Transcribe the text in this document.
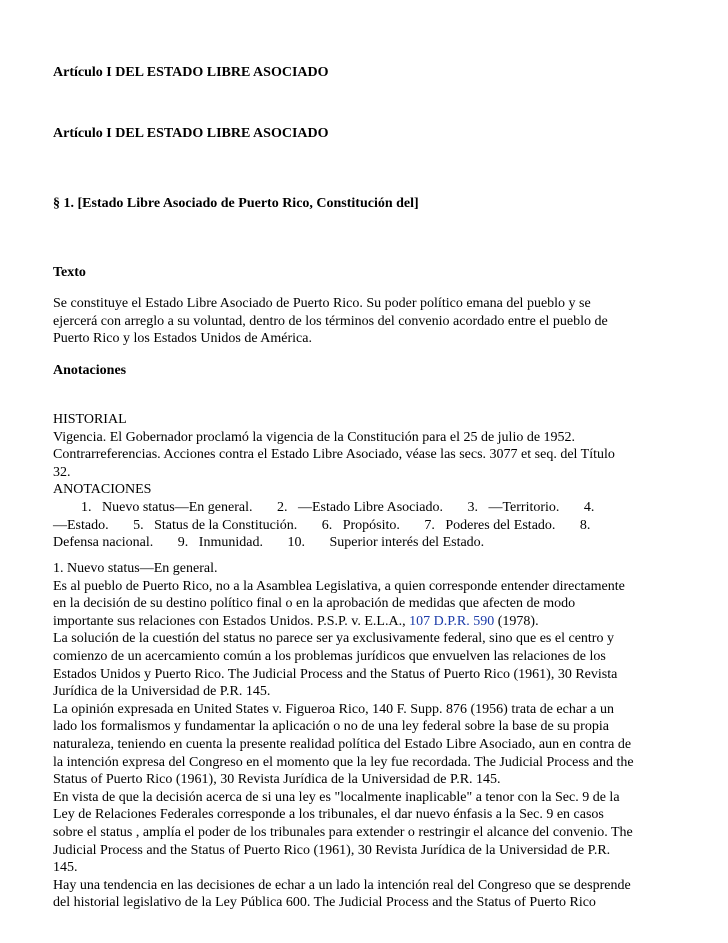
Artículo I DEL ESTADO LIBRE ASOCIADO
Artículo I DEL ESTADO LIBRE ASOCIADO
§ 1. [Estado Libre Asociado de Puerto Rico, Constitución del]
Texto
Se constituye el Estado Libre Asociado de Puerto Rico. Su poder político emana del pueblo y se
ejercerá con arreglo a su voluntad, dentro de los términos del convenio acordado entre el pueblo de
Puerto Rico y los Estados Unidos de América.
Anotaciones
HISTORIAL
Vigencia. El Gobernador proclamó la vigencia de la Constitución para el 25 de julio de 1952.
Contrarreferencias. Acciones contra el Estado Libre Asociado, véase las secs. 3077 et seq. del Título
32.
ANOTACIONES
1.   Nuevo status—En general.       2.   —Estado Libre Asociado.       3.   —Territorio.       4.
—Estado.       5.   Status de la Constitución.       6.   Propósito.       7.   Poderes del Estado.       8.
Defensa nacional.       9.   Inmunidad.       10.       Superior interés del Estado.
1. Nuevo status—En general.
Es al pueblo de Puerto Rico, no a la Asamblea Legislativa, a quien corresponde entender directamente
en la decisión de su destino político final o en la aprobación de medidas que afecten de modo
importante sus relaciones con Estados Unidos. P.S.P. v. E.L.A., 107 D.P.R. 590 (1978).
La solución de la cuestión del status no parece ser ya exclusivamente federal, sino que es el centro y
comienzo de un acercamiento común a los problemas jurídicos que envuelven las relaciones de los
Estados Unidos y Puerto Rico. The Judicial Process and the Status of Puerto Rico (1961), 30 Revista
Jurídica de la Universidad de P.R. 145.
La opinión expresada en United States v. Figueroa Rico, 140 F. Supp. 876 (1956) trata de echar a un
lado los formalismos y fundamentar la aplicación o no de una ley federal sobre la base de su propia
naturaleza, teniendo en cuenta la presente realidad política del Estado Libre Asociado, aun en contra de
la intención expresa del Congreso en el momento que la ley fue recordada. The Judicial Process and the
Status of Puerto Rico (1961), 30 Revista Jurídica de la Universidad de P.R. 145.
En vista de que la decisión acerca de si una ley es "localmente inaplicable" a tenor con la Sec. 9 de la
Ley de Relaciones Federales corresponde a los tribunales, el dar nuevo énfasis a la Sec. 9 en casos
sobre el status , amplía el poder de los tribunales para extender o restringir el alcance del convenio. The
Judicial Process and the Status of Puerto Rico (1961), 30 Revista Jurídica de la Universidad de P.R.
145.
Hay una tendencia en las decisiones de echar a un lado la intención real del Congreso que se desprende
del historial legislativo de la Ley Pública 600. The Judicial Process and the Status of Puerto Rico
